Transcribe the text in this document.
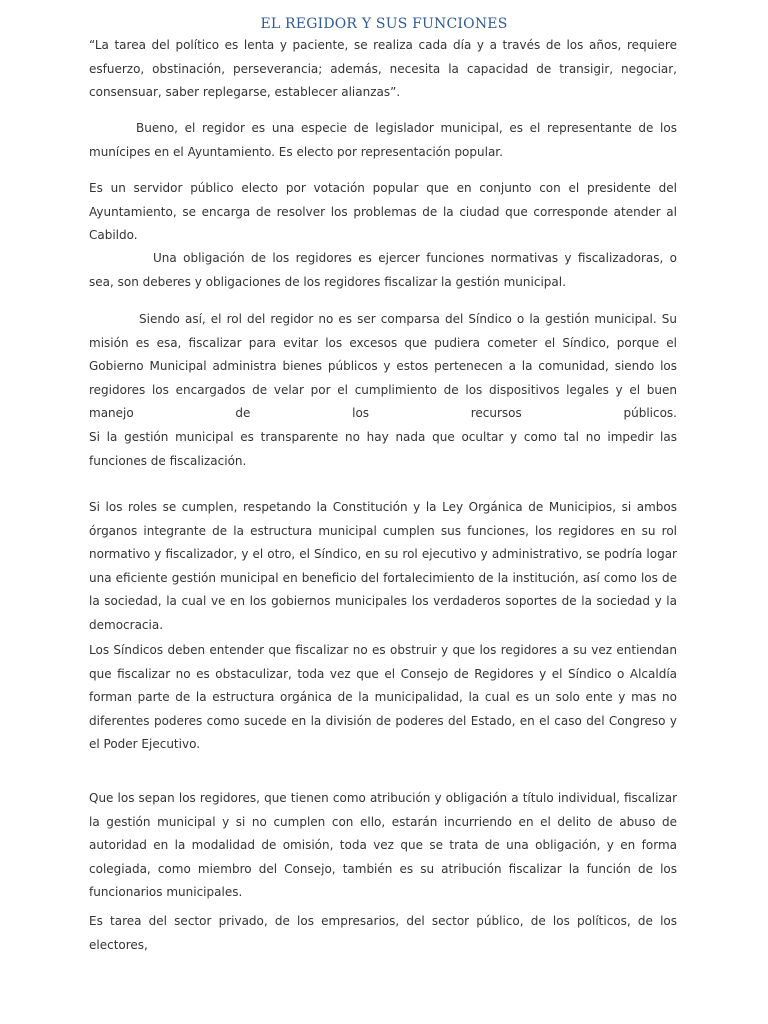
EL REGIDOR Y SUS FUNCIONES

“La tarea del político es lenta y paciente, se realiza cada día y a través de los años, requiere esfuerzo, obstinación, perseverancia; además, necesita la capacidad de transigir, negociar, consensuar, saber replegarse, establecer alianzas”.

Bueno, el regidor es una especie de legislador municipal, es el representante de los munícipes en el Ayuntamiento. Es electo por representación popular.

Es un servidor público electo por votación popular que en conjunto con el presidente del Ayuntamiento, se encarga de resolver los problemas de la ciudad que corresponde atender al Cabildo.

Una obligación de los regidores es ejercer funciones normativas y fiscalizadoras, o sea, son deberes y obligaciones de los regidores fiscalizar la gestión municipal.

Siendo así, el rol del regidor no es ser comparsa del Síndico o la gestión municipal. Su misión es esa, fiscalizar para evitar los excesos que pudiera cometer el Síndico, porque el Gobierno Municipal administra bienes públicos y estos pertenecen a la comunidad, siendo los regidores los encargados de velar por el cumplimiento de los dispositivos legales y el buen manejo de los recursos públicos.

Si la gestión municipal es transparente no hay nada que ocultar y como tal no impedir las funciones de fiscalización.

Si los roles se cumplen, respetando la Constitución y la Ley Orgánica de Municipios, si ambos órganos integrante de la estructura municipal cumplen sus funciones, los regidores en su rol normativo y fiscalizador, y el otro, el Síndico, en su rol ejecutivo y administrativo, se podría logar una eficiente gestión municipal en beneficio del fortalecimiento de la institución, así como los de la sociedad, la cual ve en los gobiernos municipales los verdaderos soportes de la sociedad y la democracia.

Los Síndicos deben entender que fiscalizar no es obstruir y que los regidores a su vez entiendan que fiscalizar no es obstaculizar, toda vez que el Consejo de Regidores y el Síndico o Alcaldía forman parte de la estructura orgánica de la municipalidad, la cual es un solo ente y mas no diferentes poderes como sucede en la división de poderes del Estado, en el caso del Congreso y el Poder Ejecutivo.

Que los sepan los regidores, que tienen como atribución y obligación a título individual, fiscalizar la gestión municipal y si no cumplen con ello, estarán incurriendo en el delito de abuso de autoridad en la modalidad de omisión, toda vez que se trata de una obligación, y en forma colegiada, como miembro del Consejo, también es su atribución fiscalizar la función de los funcionarios municipales.

Es tarea del sector privado, de los empresarios, del sector público, de los políticos, de los electores,
